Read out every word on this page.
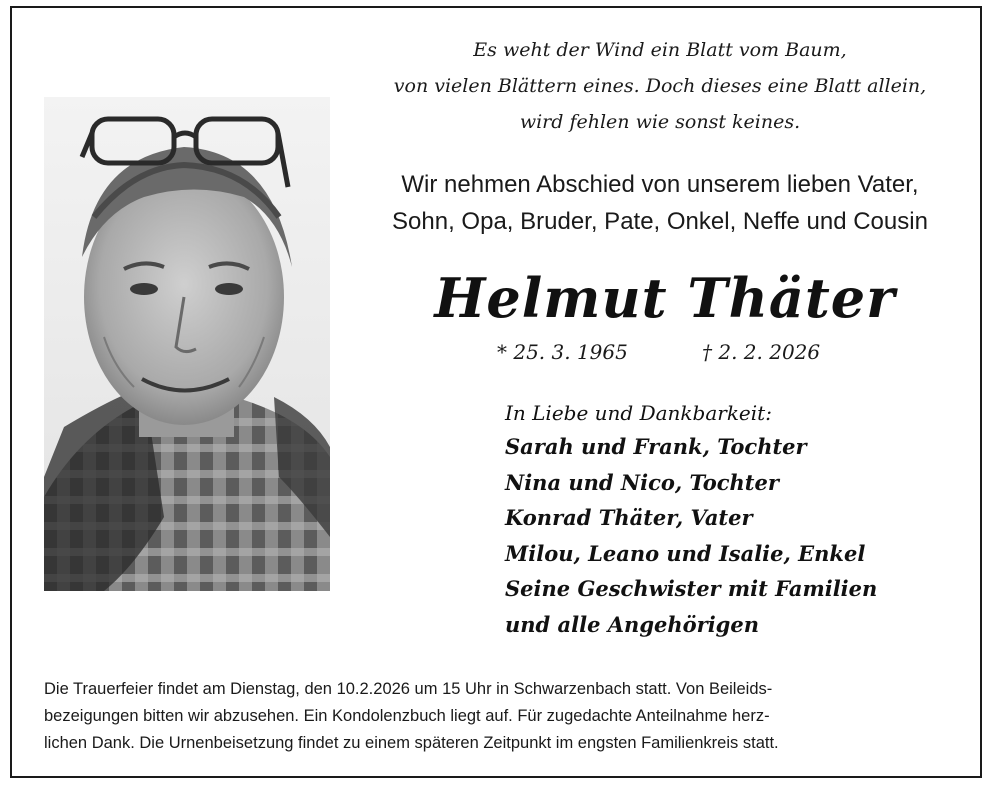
Es weht der Wind ein Blatt vom Baum,
von vielen Blättern eines. Doch dieses eine Blatt allein,
wird fehlen wie sonst keines.
Wir nehmen Abschied von unserem lieben Vater,
Sohn, Opa, Bruder, Pate, Onkel, Neffe und Cousin
Helmut Thäter
* 25. 3. 1965	† 2. 2. 2026
In Liebe und Dankbarkeit:
Sarah und Frank, Tochter
Nina und Nico, Tochter
Konrad Thäter, Vater
Milou, Leano und Isalie, Enkel
Seine Geschwister mit Familien
und alle Angehörigen
Die Trauerfeier findet am Dienstag, den 10.2.2026 um 15 Uhr in Schwarzenbach statt. Von Beileids-
bezeigungen bitten wir abzusehen. Ein Kondolenzbuch liegt auf. Für zugedachte Anteilnahme herz-
lichen Dank. Die Urnenbeisetzung findet zu einem späteren Zeitpunkt im engsten Familienkreis statt.
